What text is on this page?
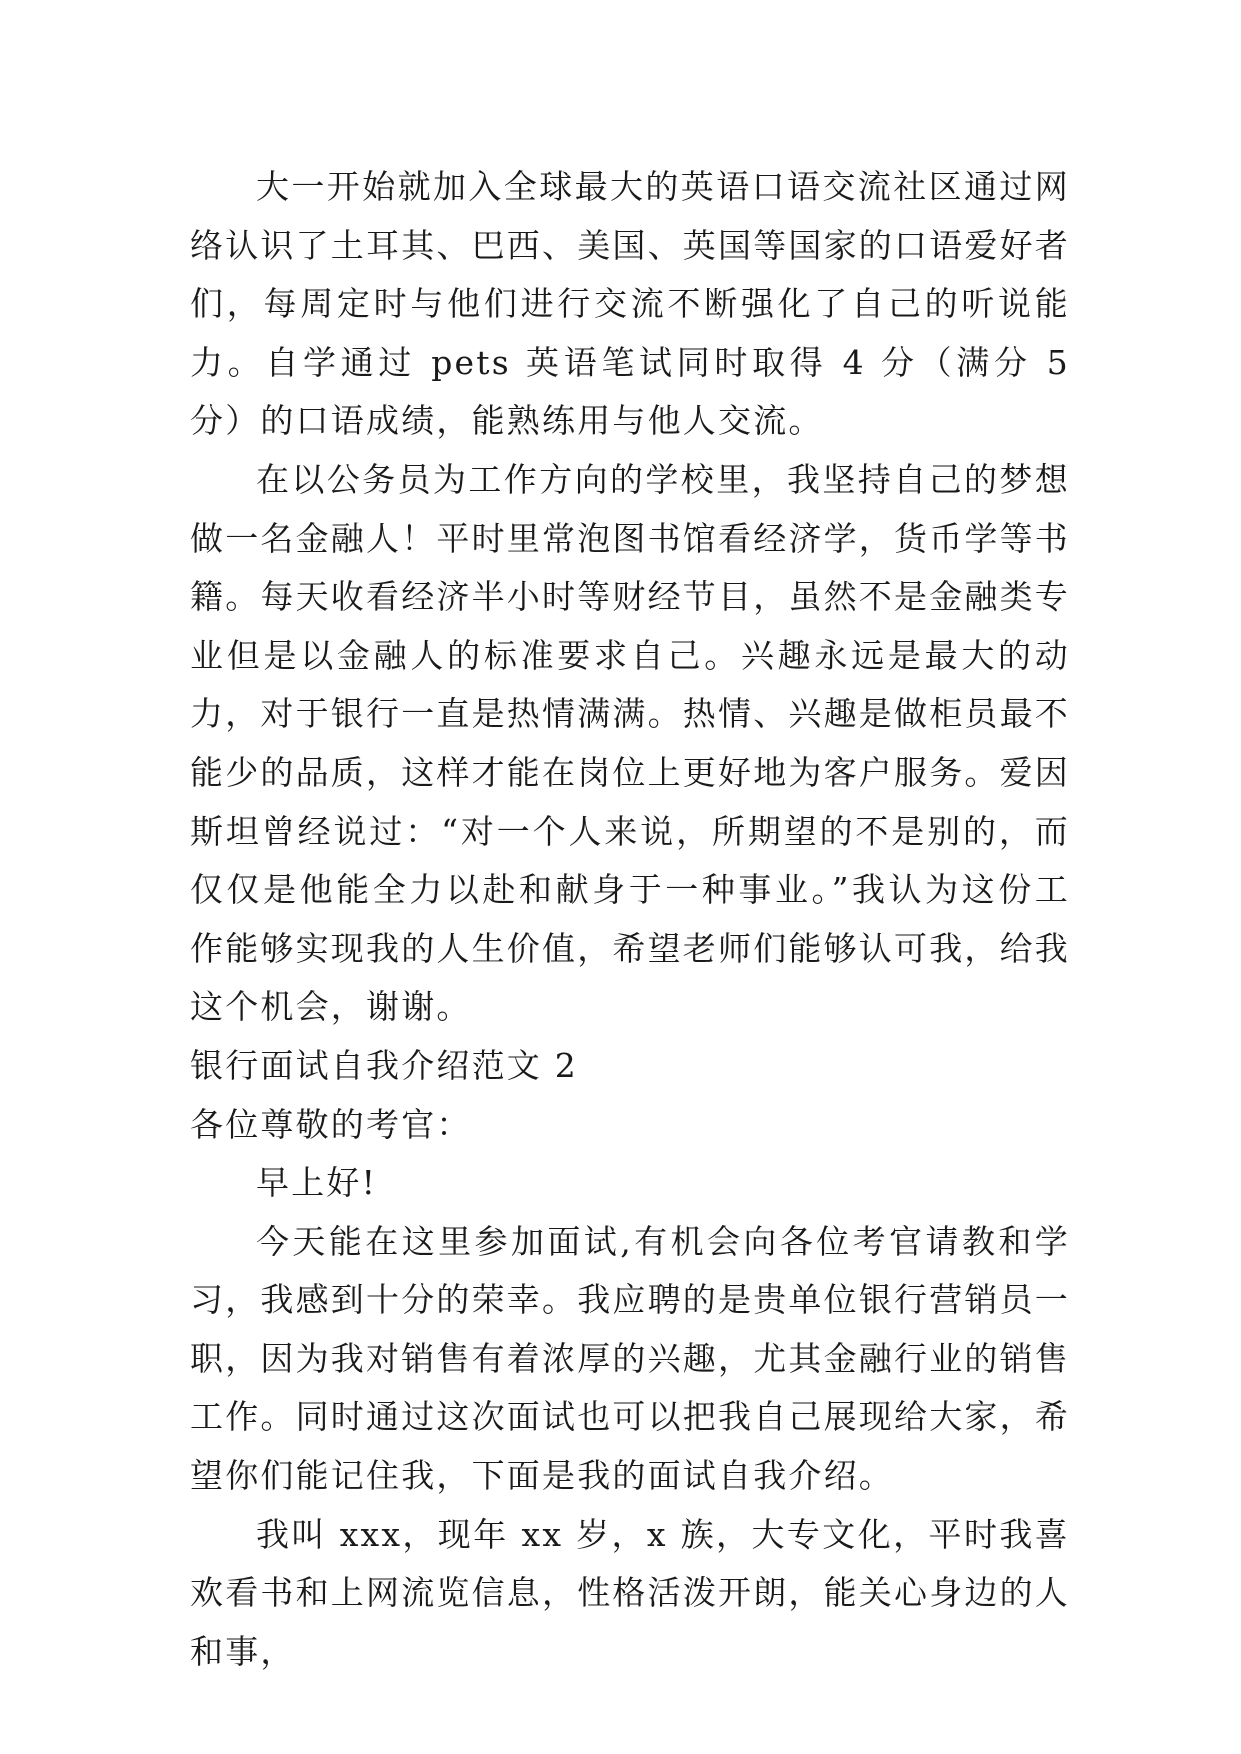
大一开始就加入全球最大的英语口语交流社区通过网络认识了土耳其、巴西、美国、英国等国家的口语爱好者们，每周定时与他们进行交流不断强化了自己的听说能力。自学通过 pets 英语笔试同时取得 4 分（满分 5 分）的口语成绩，能熟练用与他人交流。

在以公务员为工作方向的学校里，我坚持自己的梦想做一名金融人！平时里常泡图书馆看经济学，货币学等书籍。每天收看经济半小时等财经节目，虽然不是金融类专业但是以金融人的标准要求自己。兴趣永远是最大的动力，对于银行一直是热情满满。热情、兴趣是做柜员最不能少的品质，这样才能在岗位上更好地为客户服务。爱因斯坦曾经说过：“对一个人来说，所期望的不是别的，而仅仅是他能全力以赴和献身于一种事业。”我认为这份工作能够实现我的人生价值，希望老师们能够认可我，给我这个机会，谢谢。

银行面试自我介绍范文 2

各位尊敬的考官：

早上好!

今天能在这里参加面试,有机会向各位考官请教和学习，我感到十分的荣幸。我应聘的是贵单位银行营销员一职，因为我对销售有着浓厚的兴趣，尤其金融行业的销售工作。同时通过这次面试也可以把我自己展现给大家，希望你们能记住我，下面是我的面试自我介绍。

我叫 xxx，现年 xx 岁，x 族，大专文化，平时我喜欢看书和上网流览信息，性格活泼开朗，能关心身边的人和事，
